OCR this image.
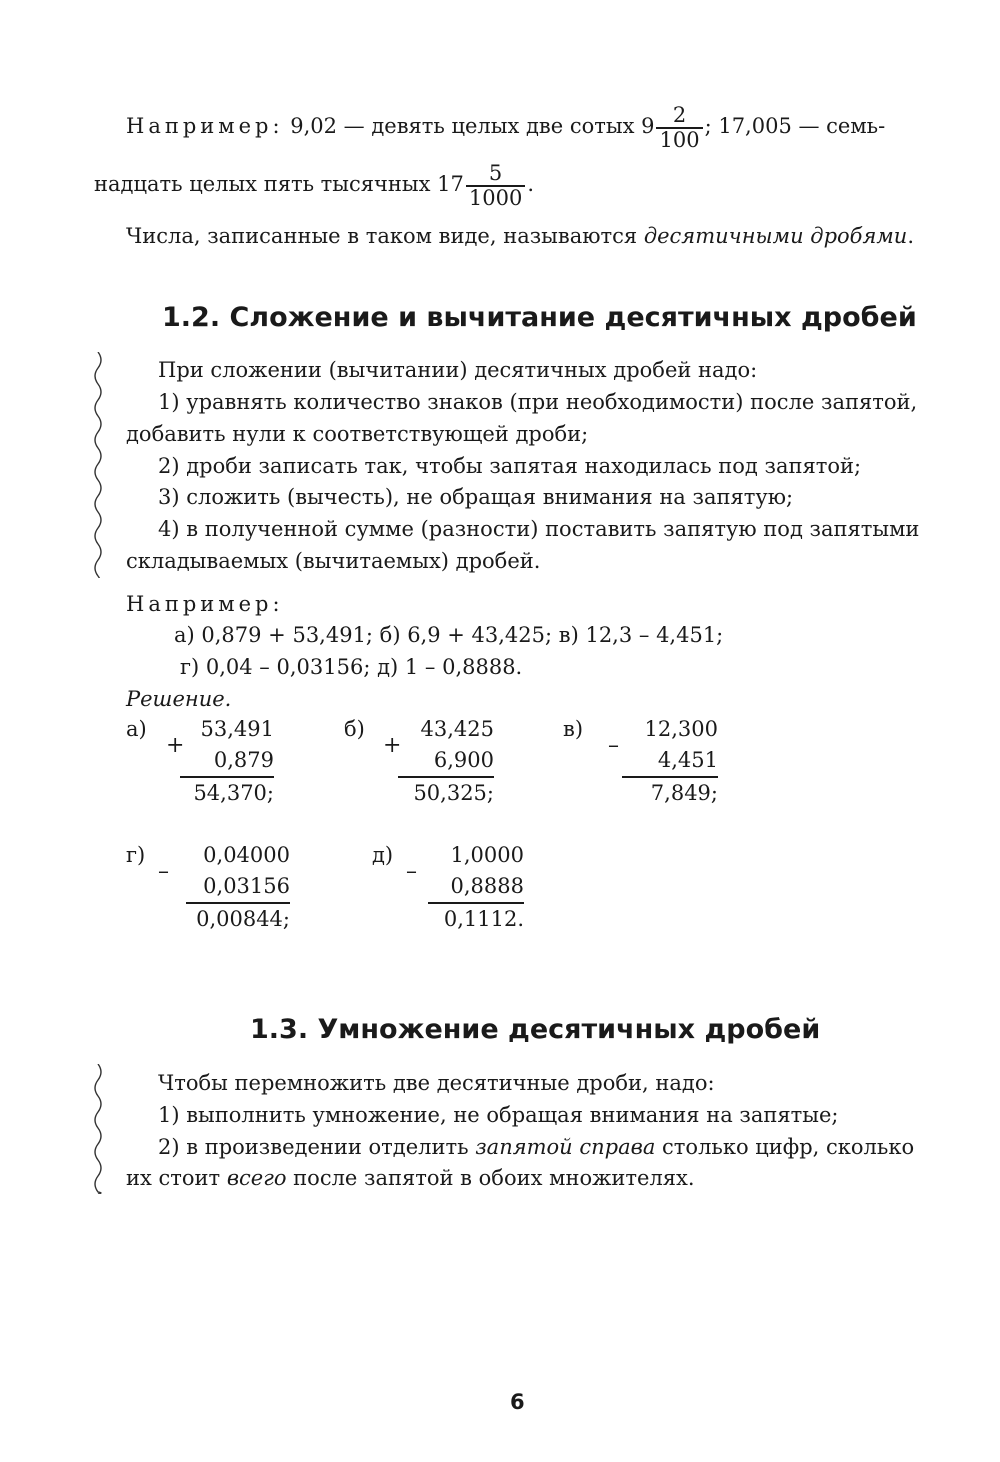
Например: 9,02 — девять целых две сотых $9 \frac{2}{100}$ ; 17,005 — семь-
надцать целых пять тысячных $17 \frac{5}{1000}$ .
Числа, записанные в таком виде, называются десятичными дробями.
1.2. Сложение и вычитание десятичных дробей
При сложении (вычитании) десятичных дробей надо:
1) уравнять количество знаков (при необходимости) после запятой,
добавить нули к соответствующей дроби;
2) дроби записать так, чтобы запятая находилась под запятой;
3) сложить (вычесть), не обращая внимания на запятую;
4) в полученной сумме (разности) поставить запятую под запятыми
складываемых (вычитаемых) дробей.
Например:
а) 0,879 + 53,491; б) 6,9 + 43,425; в) 12,3 – 4,451;
г) 0,04 – 0,03156; д) 1 – 0,8888.
Решение.
а)
+
53,491
0,879
54,370;
б)
+
43,425
6,900
50,325;
в)
–
12,300
4,451
7,849;
г)
–
0,04000
0,03156
0,00844;
д)
–
1,0000
0,8888
0,1112.
1.3. Умножение десятичных дробей
Чтобы перемножить две десятичные дроби, надо:
1) выполнить умножение, не обращая внимания на запятые;
2) в произведении отделить запятой справа столько цифр, сколько
их стоит всего после запятой в обоих множителях.
6
